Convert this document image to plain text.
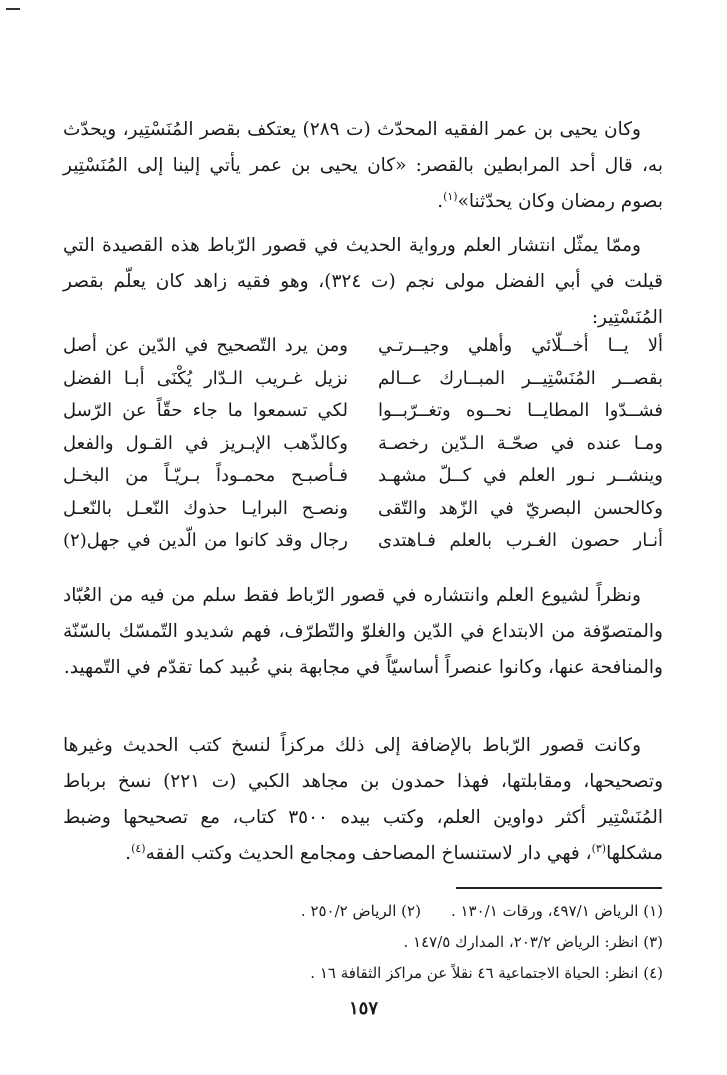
وكان يحيى بن عمر الفقيه المحدّث (ت ٢٨٩) يعتكف بقصر المُنَسْتِير، ويحدّث به، قال أحد المرابطين بالقصر: «كان يحيى بن عمر يأتي إلينا إلى المُنَسْتِير بصوم رمضان وكان يحدّثنا»$^{(١)}$.

وممّا يمثّل انتشار العلم ورواية الحديث في قصور الرّباط هذه القصيدة التي قيلت في أبي الفضل مولى نجم (ت ٣٢٤)، وهو فقيه زاهد كان يعلّم بقصر المُنَسْتِير:

ألا يــا أخــلّائي وأهلي وجيــرتـي
ومن يرد التّصحيح في الدّين عن أصل
بقصــر المُنَسْتِيــر المبــارك عــالم
نزيل غـريب الـدّار يُكْنَى أبـا الفضل
فشــدّوا المطايــا نحــوه وتغــرّبــوا
لكي تسمعوا ما جاء حقّاً عن الرّسل
ومـا عنده في صحّـة الـدّين رخصـة
وكالذّهب الإبـريز في القـول والفعل
وينشــر نـور العلم في كــلّ مشهـد
فـأصبـح محمـوداً بـريّـاً من البخـل
وكالحسن البصريّ في الزّهد والتّقى
ونصـح البرايـا حذوك النّعـل بالنّعـل
أنـار حصون الغـرب بالعلم فـاهتدى
رجال وقد كانوا من الّدين في جهل(٢)

ونظراً لشيوع العلم وانتشاره في قصور الرّباط فقط سلم من فيه من العُبّاد والمتصوّفة من الابتداع في الدّين والغلوّ والتّطرّف، فهم شديدو التّمسّك بالسّنّة والمنافحة عنها، وكانوا عنصراً أساسيّاً في مجابهة بني عُبيد كما تقدّم في التّمهيد.

وكانت قصور الرّباط بالإضافة إلى ذلك مركزاً لنسخ كتب الحديث وغيرها وتصحيحها، ومقابلتها، فهذا حمدون بن مجاهد الكبي (ت ٢٢١) نسخ برباط المُنَسْتِير أكثر دواوين العلم، وكتب بيده ٣٥٠٠ كتاب، مع تصحيحها وضبط مشكلها$^{(٣)}$، فهي دار لاستنساخ المصاحف ومجامع الحديث وكتب الفقه$^{(٤)}$.

(١) الرياض ٤٩٧/١، ورقات ١٣٠/١ .(٢) الرياض ٢٥٠/٢ .

(٣) انظر: الرياض ٢٠٣/٢، المدارك ١٤٧/٥ .

(٤) انظر: الحياة الاجتماعية ٤٦ نقلاً عن مراكز الثقافة ١٦ .

١٥٧
